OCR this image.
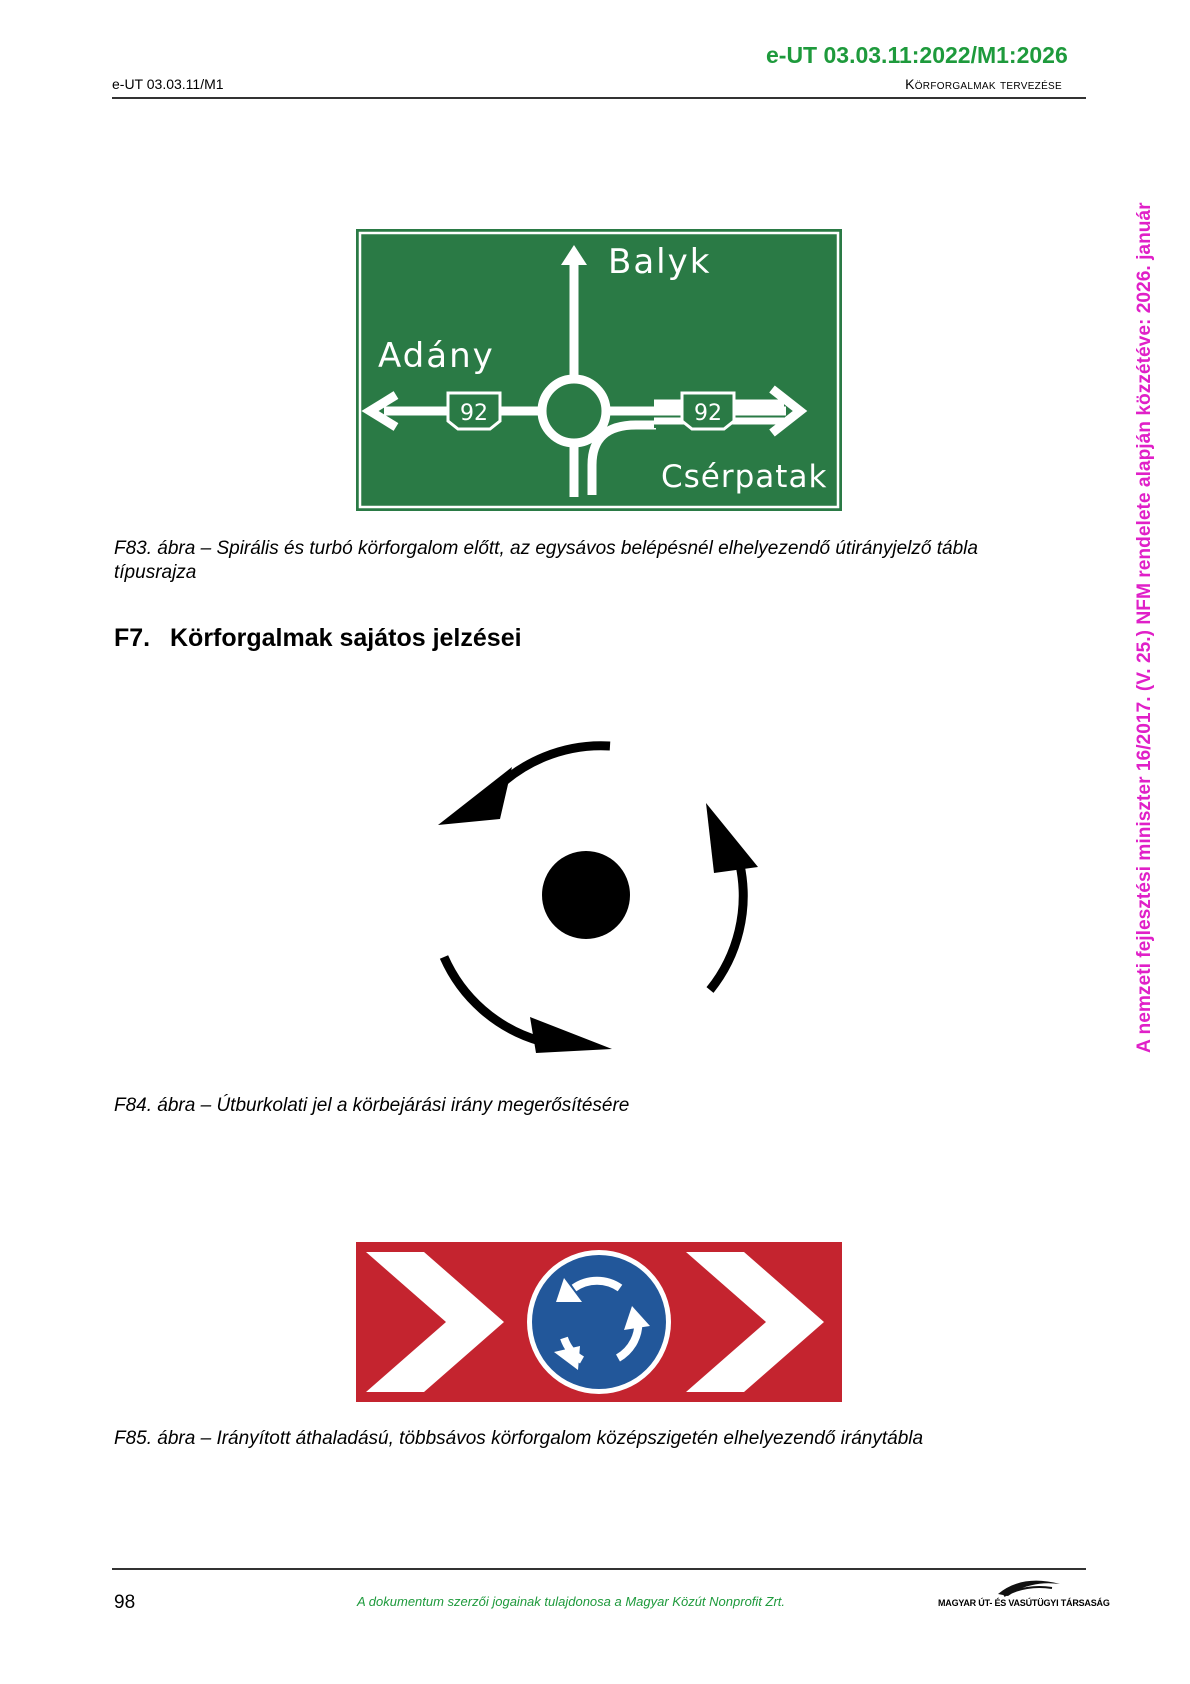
e-UT 03.03.11:2022/M1:2026
e-UT 03.03.11/M1	Körforgalmak tervezése
A nemzeti fejlesztési miniszter 16/2017. (V. 25.) NFM rendelete alapján közzétéve: 2026. január
92	92
Balyk
Adány
Csérpatak
F83. ábra – Spirális és turbó körforgalom előtt, az egysávos belépésnél elhelyezendő útirányjelző tábla típusrajza
F7. Körforgalmak sajátos jelzései
F84. ábra – Útburkolati jel a körbejárási irány megerősítésére
F85. ábra – Irányított áthaladású, többsávos körforgalom középszigetén elhelyezendő iránytábla
98	A dokumentum szerzői jogainak tulajdonosa a Magyar Közút Nonprofit Zrt.	MAGYAR ÚT- ÉS VASÚTÜGYI TÁRSASÁG
